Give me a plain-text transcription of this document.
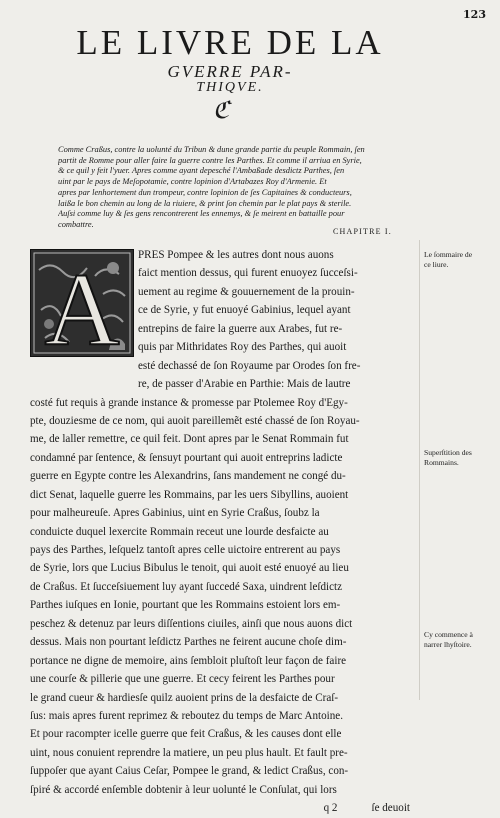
123
LE LIVRE DE LA
GVERRE PAR-
THIQVE.
ℭ
Comme Craßus, contre la uolunté du Tribun & dune grande partie du peuple Rommain, ſen
partit de Romme pour aller faire la guerre contre les Parthes. Et comme il arriua en Syrie,
& ce quil y feit l'yuer. Apres comme ayant depesché l'Ambaßade desdictz Parthes, ſen
uint par le pays de Meſopotamie, contre lopinion d'Artabazes Roy d'Armenie. Et
apres par lenhortement dun trompeur, contre lopinion de ſes Capitaines & conducteurs,
laißa le bon chemin au long de la riuiere, & print ſon chemin par le plat pays & sterile.
Auſsi comme luy & ſes gens rencontrerent les ennemys, & ſe meirent en battaille pour
combattre.
CHAPITRE I.
A	PRES Pompee & les autres dont nous auons
faict mention dessus, qui furent enuoyez ſucceſsi-
uement au regime & gouuernement de la prouin-
ce de Syrie, y fut enuoyé Gabinius, lequel ayant
entrepins de faire la guerre aux Arabes, fut re-
quis par Mithridates Roy des Parthes, qui auoit
esté dechassé de ſon Royaume par Orodes ſon fre-
re, de passer d'Arabie en Parthie: Mais de lautre
costé fut requis à grande instance & promesse par Ptolemee Roy d'Egy-
pte, douziesme de ce nom, qui auoit pareillemẽt esté chassé de ſon Royau-
me, de laller remettre, ce quil feit. Dont apres par le Senat Rommain fut
condamné par ſentence, & ſensuyt pourtant qui auoit entreprins ladicte
guerre en Egypte contre les Alexandrins, ſans mandement ne congé du-
dict Senat, laquelle guerre les Rommains, par les uers Sibyllins, auoient
pour malheureuſe. Apres Gabinius, uint en Syrie Craßus, ſoubz la
conduicte duquel lexercite Rommain receut une lourde desfaicte au
pays des Parthes, leſquelz tantoſt apres celle uictoire entrerent au pays
de Syrie, lors que Lucius Bibulus le tenoit, qui auoit esté enuoyé au lieu
de Craßus. Et ſucceſsiuement luy ayant ſuccedé Saxa, uindrent leſdictz
Parthes iuſques en Ionie, pourtant que les Rommains estoient lors em-
peschez & detenuz par leurs diſſentions ciuiles, ainſi que nous auons dict
dessus. Mais non pourtant leſdictz Parthes ne feirent aucune choſe dim-
portance ne digne de memoire, ains ſembloit pluſtoſt leur façon de faire
une courſe & pillerie que une guerre. Et cecy feirent les Parthes pour
le grand cueur & hardiesſe quilz auoient prins de la desfaicte de Craſ-
ſus: mais apres furent reprimez & reboutez du temps de Marc Antoine.
Et pour racompter icelle guerre que feit Craßus, & les causes dont elle
uint, nous conuient reprendre la matiere, un peu plus hault. Et fault pre-
ſuppoſer que ayant Caius Ceſar, Pompee le grand, & ledict Craßus, con-
ſpiré & accordé enſemble dobtenir à leur uolunté le Conſulat, qui lors
q 2	ſe deuoit
Le ſommaire de
ce liure.
Superſtition des
Rommains.
Cy commence à
narrer lhyſtoire.
